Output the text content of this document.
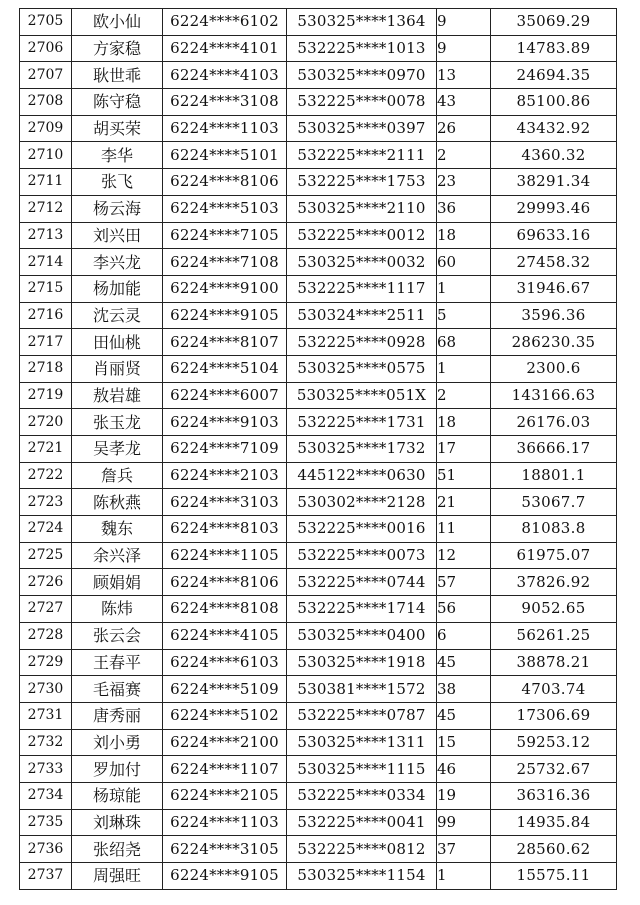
2705	欧小仙	6224****6102	530325****1364	9	35069.29
2706	方家稳	6224****4101	532225****1013	9	14783.89
2707	耿世乖	6224****4103	530325****0970	13	24694.35
2708	陈守稳	6224****3108	532225****0078	43	85100.86
2709	胡买荣	6224****1103	530325****0397	26	43432.92
2710	李华	6224****5101	532225****2111	2	4360.32
2711	张飞	6224****8106	532225****1753	23	38291.34
2712	杨云海	6224****5103	530325****2110	36	29993.46
2713	刘兴田	6224****7105	532225****0012	18	69633.16
2714	李兴龙	6224****7108	530325****0032	60	27458.32
2715	杨加能	6224****9100	532225****1117	1	31946.67
2716	沈云灵	6224****9105	530324****2511	5	3596.36
2717	田仙桃	6224****8107	532225****0928	68	286230.35
2718	肖丽贤	6224****5104	530325****0575	1	2300.6
2719	敖岩雄	6224****6007	530325****051X	2	143166.63
2720	张玉龙	6224****9103	532225****1731	18	26176.03
2721	吴孝龙	6224****7109	530325****1732	17	36666.17
2722	詹兵	6224****2103	445122****0630	51	18801.1
2723	陈秋燕	6224****3103	530302****2128	21	53067.7
2724	魏东	6224****8103	532225****0016	11	81083.8
2725	余兴泽	6224****1105	532225****0073	12	61975.07
2726	顾娟娟	6224****8106	532225****0744	57	37826.92
2727	陈炜	6224****8108	532225****1714	56	9052.65
2728	张云会	6224****4105	530325****0400	6	56261.25
2729	王春平	6224****6103	530325****1918	45	38878.21
2730	毛福赛	6224****5109	530381****1572	38	4703.74
2731	唐秀丽	6224****5102	532225****0787	45	17306.69
2732	刘小勇	6224****2100	530325****1311	15	59253.12
2733	罗加付	6224****1107	530325****1115	46	25732.67
2734	杨琼能	6224****2105	532225****0334	19	36316.36
2735	刘琳珠	6224****1103	532225****0041	99	14935.84
2736	张绍尧	6224****3105	532225****0812	37	28560.62
2737	周强旺	6224****9105	530325****1154	1	15575.11
